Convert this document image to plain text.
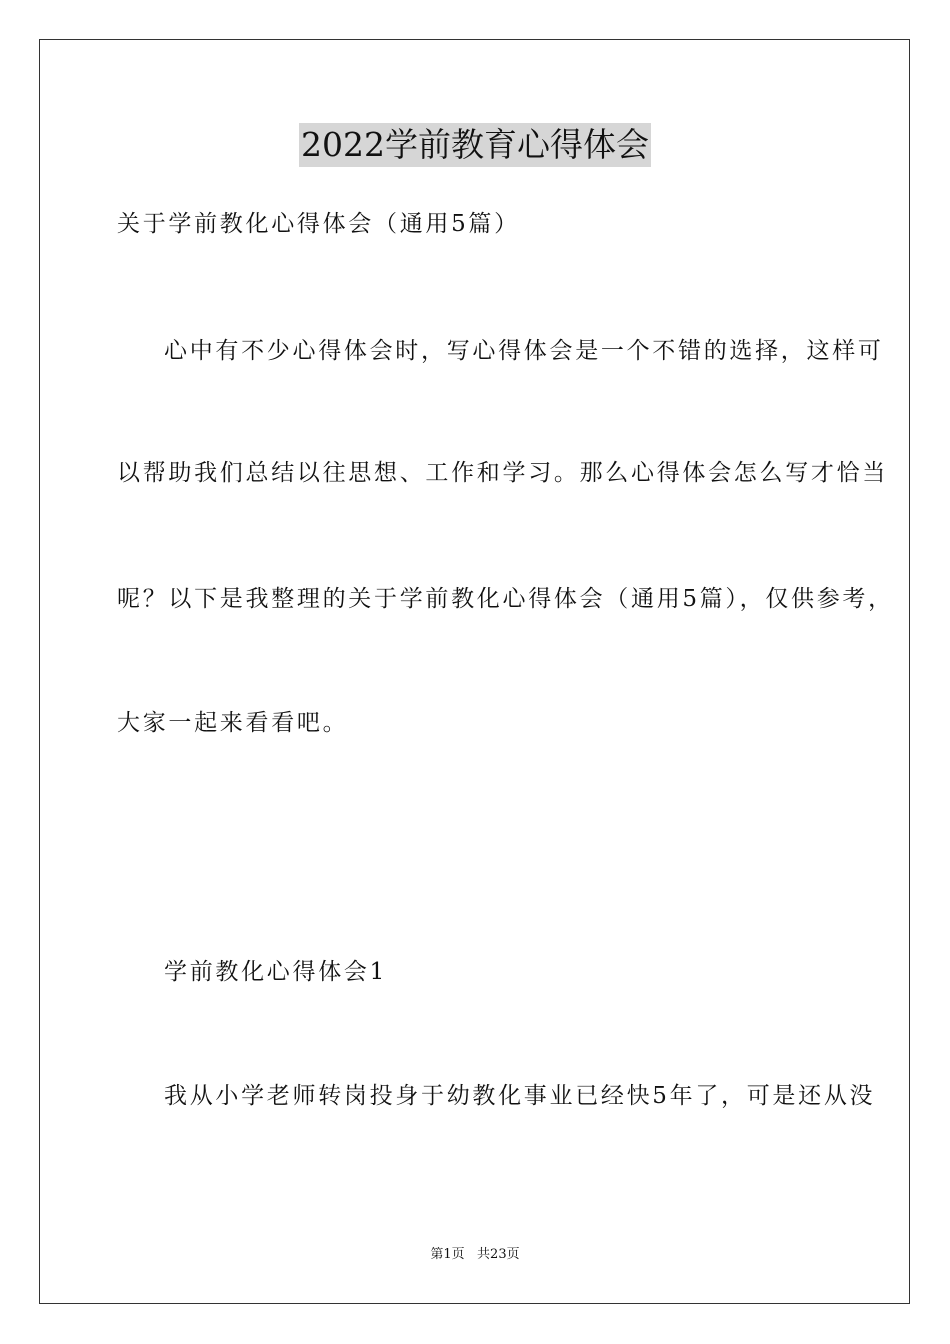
2022学前教育心得体会
关于学前教化心得体会（通用5篇）
心中有不少心得体会时，写心得体会是一个不错的选择，这样可
以帮助我们总结以往思想、工作和学习。那么心得体会怎么写才恰当
呢？以下是我整理的关于学前教化心得体会（通用5篇），仅供参考，
大家一起来看看吧。
学前教化心得体会1
我从小学老师转岗投身于幼教化事业已经快5年了，可是还从没
第1页   共23页
